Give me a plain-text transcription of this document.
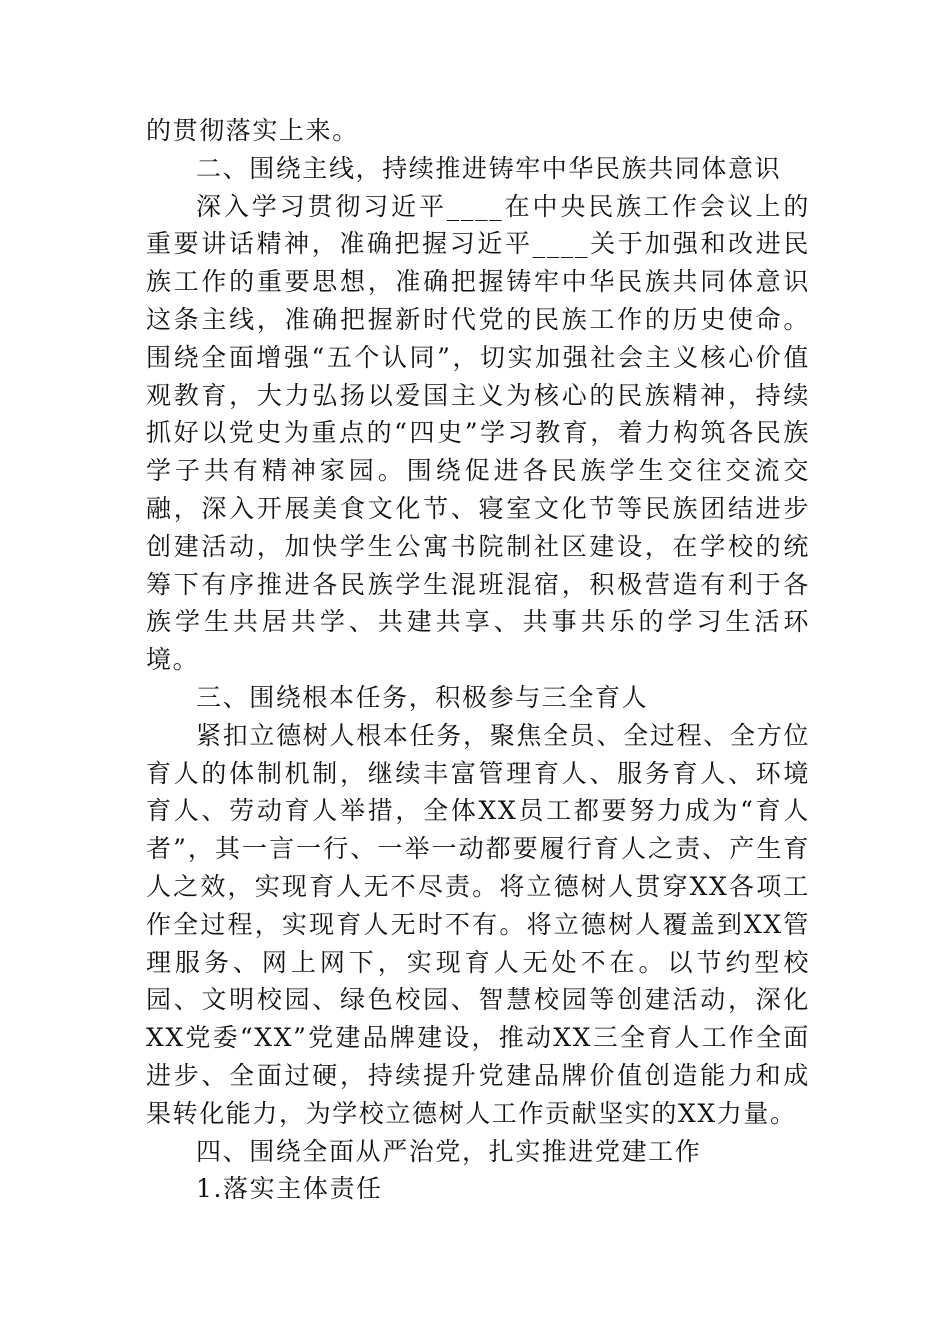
的贯彻落实上来。

二、围绕主线，持续推进铸牢中华民族共同体意识

深入学习贯彻习近平____在中央民族工作会议上的重要讲话精神，准确把握习近平____关于加强和改进民族工作的重要思想，准确把握铸牢中华民族共同体意识这条主线，准确把握新时代党的民族工作的历史使命。围绕全面增强“五个认同”，切实加强社会主义核心价值观教育，大力弘扬以爱国主义为核心的民族精神，持续抓好以党史为重点的“四史”学习教育，着力构筑各民族学子共有精神家园。围绕促进各民族学生交往交流交融，深入开展美食文化节、寝室文化节等民族团结进步创建活动，加快学生公寓书院制社区建设，在学校的统筹下有序推进各民族学生混班混宿，积极营造有利于各族学生共居共学、共建共享、共事共乐的学习生活环境。

三、围绕根本任务，积极参与三全育人

紧扣立德树人根本任务，聚焦全员、全过程、全方位育人的体制机制，继续丰富管理育人、服务育人、环境育人、劳动育人举措，全体XX员工都要努力成为“育人者”，其一言一行、一举一动都要履行育人之责、产生育人之效，实现育人无不尽责。将立德树人贯穿XX各项工作全过程，实现育人无时不有。将立德树人覆盖到XX管理服务、网上网下，实现育人无处不在。以节约型校园、文明校园、绿色校园、智慧校园等创建活动，深化XX党委“XX”党建品牌建设，推动XX三全育人工作全面进步、全面过硬，持续提升党建品牌价值创造能力和成果转化能力，为学校立德树人工作贡献坚实的XX力量。

四、围绕全面从严治党，扎实推进党建工作

1.落实主体责任
